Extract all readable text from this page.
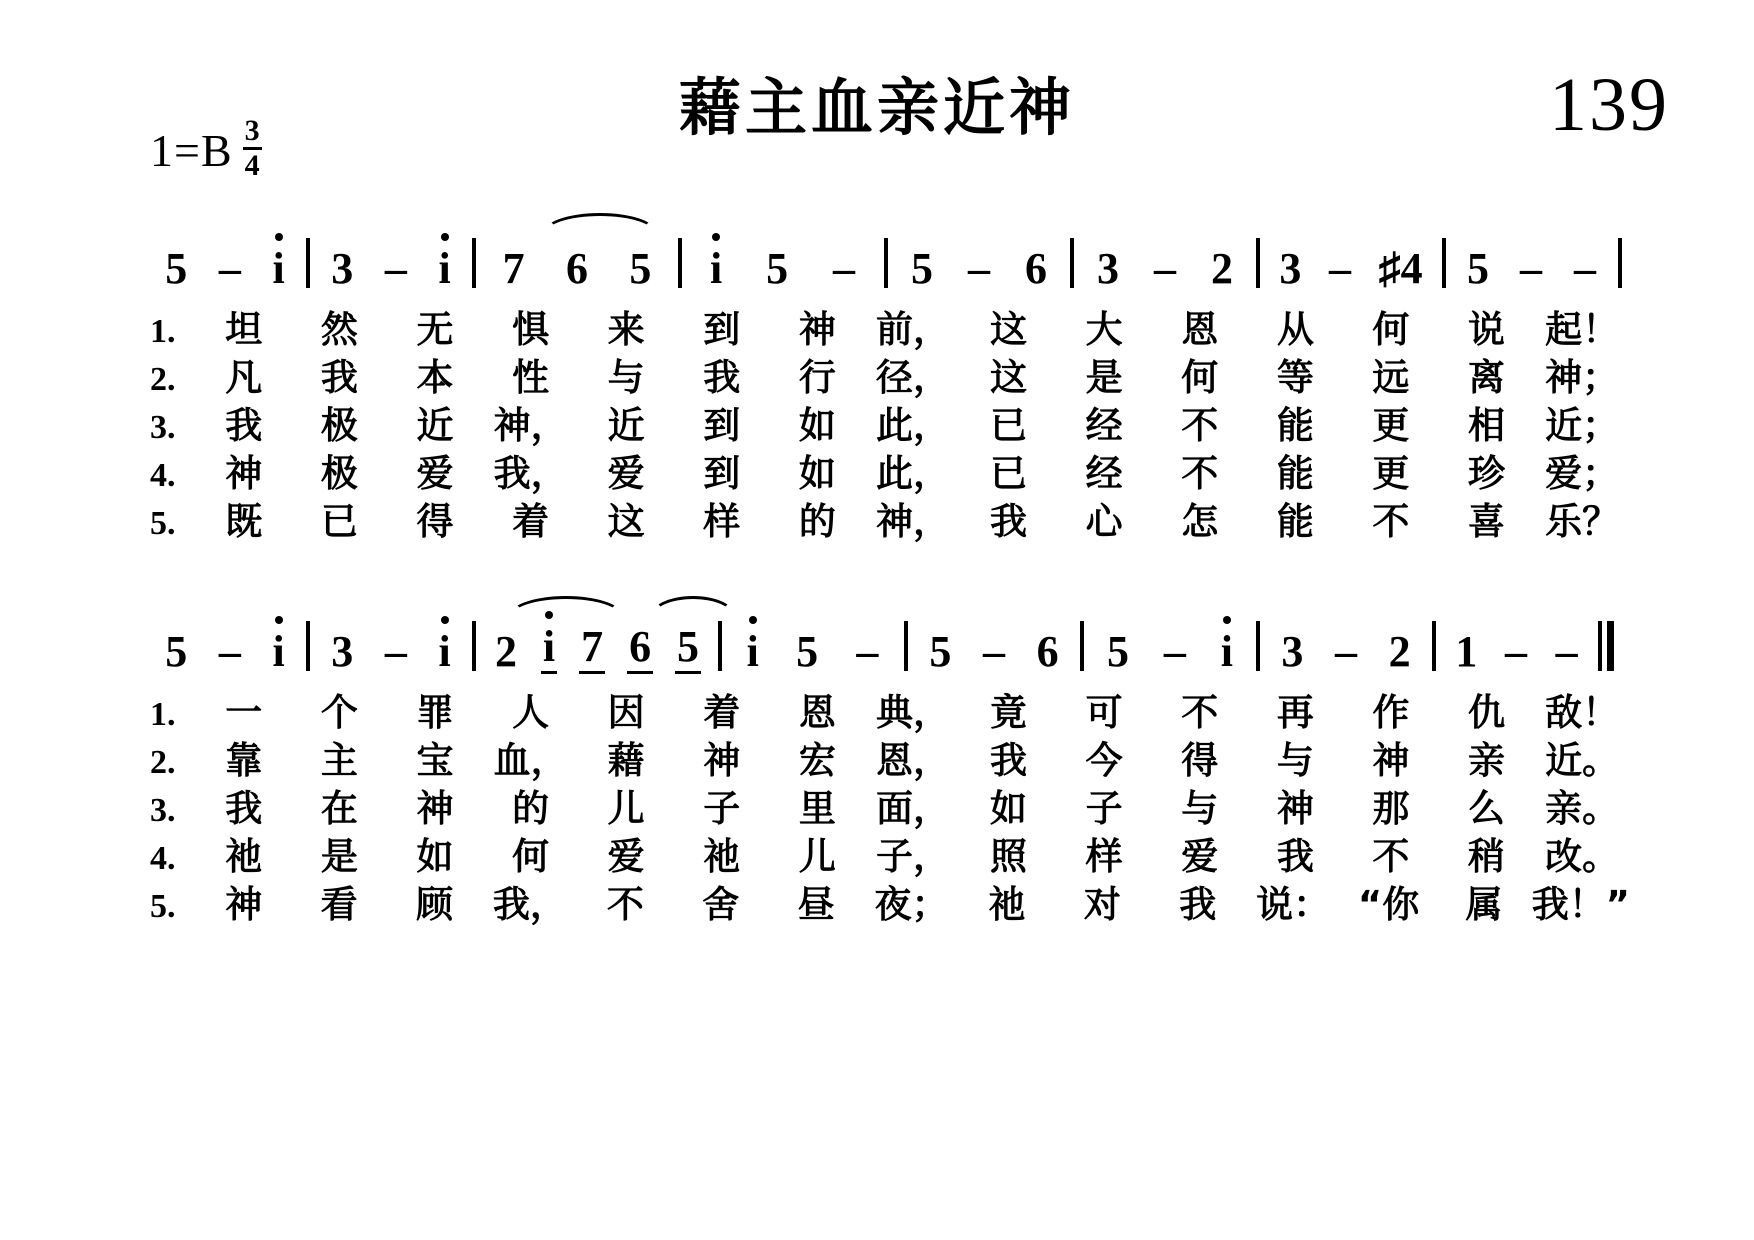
$1=B \frac{3}{4}$
藉主血亲近神	139
5 – i 3 – i 7 6 5 i 5 – 5 – 6 3 – 2 3 – ♯4 5 – –
1.	坦	然	无	惧	来	到	神	前，	这	大	恩	从	何	说	起！
2.	凡	我	本	性	与	我	行	径，	这	是	何	等	远	离	神；
3.	我	极	近	神，	近	到	如	此，	已	经	不	能	更	相	近；
4.	神	极	爱	我，	爱	到	如	此，	已	经	不	能	更	珍	爱；
5.	既	已	得	着	这	样	的	神，	我	心	怎	能	不	喜	乐？
5 – i 3 – i 2 i 7 6 5 i 5 – 5 – 6 5 – i 3 – 2 1 – –
1.	一	个	罪	人	因	着	恩	典，	竟	可	不	再	作	仇	敌！
2.	靠	主	宝	血，	藉	神	宏	恩，	我	今	得	与	神	亲	近。
3.	我	在	神	的	儿	子	里	面，	如	子	与	神	那	么	亲。
4.	祂	是	如	何	爱	祂	儿	子，	照	样	爱	我	不	稍	改。
5.	神	看	顾	我，	不	舍	昼	夜；	祂	对	我	说： “你	属 我！”
